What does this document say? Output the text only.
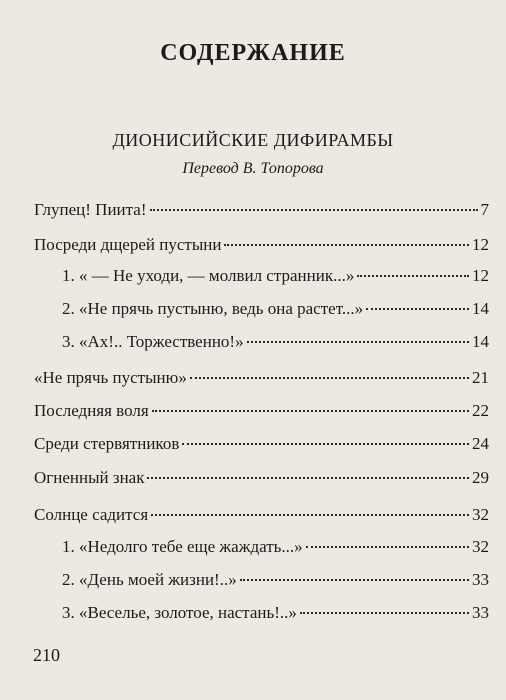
СОДЕРЖАНИЕ
ДИОНИСИЙСКИЕ ДИФИРАМБЫ
Перевод В. Топорова
Глупец! Пиита!	7
Посреди дщерей пустыни	12
1. « — Не уходи, — молвил странник...»	12
2. «Не прячь пустыню, ведь она растет...»	14
3. «Ах!.. Торжественно!»	14
«Не прячь пустыню»	21
Последняя воля	22
Среди стервятников	24
Огненный знак	29
Солнце садится	32
1. «Недолго тебе еще жаждать...»	32
2. «День моей жизни!..»	33
3. «Веселье, золотое, настань!..»	33
210
